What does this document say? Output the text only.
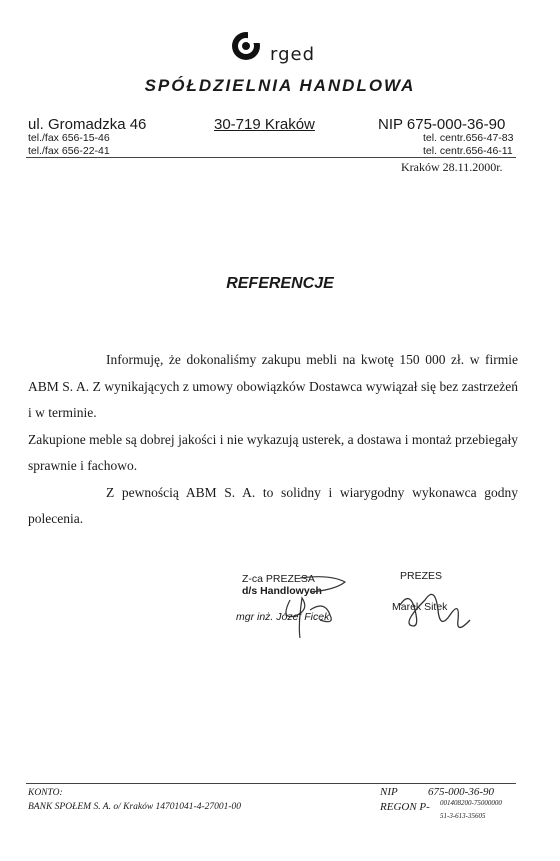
rged
SPÓŁDZIELNIA HANDLOWA
ul. Gromadzka 46	30-719 Kraków	NIP 675-000-36-90
tel./fax 656-15-46
tel./fax 656-22-41
tel. centr.656-47-83
tel. centr.656-46-11
Kraków 28.11.2000r.
REFERENCJE

Informuję, że dokonaliśmy zakupu mebli na kwotę 150 000 zł. w firmie ABM S. A. Z wynikających z umowy obowiązków Dostawca wywiązał się bez zastrzeżeń i w terminie.

Zakupione meble są dobrej jakości i nie wykazują usterek, a dostawa i montaż przebiegały sprawnie i fachowo.

Z pewnością ABM S. A. to solidny i wiarygodny wykonawca godny polecenia.

Z-ca PREZESA
d/s Handlowych
mgr inż. Józef Ficek
PREZES
Marek Sitek
KONTO:
BANK SPOŁEM S. A. o/ Kraków 14701041-4-27001-00
NIP	675-000-36-90
REGON P- 001408200-75000000
51-3-613-35605
